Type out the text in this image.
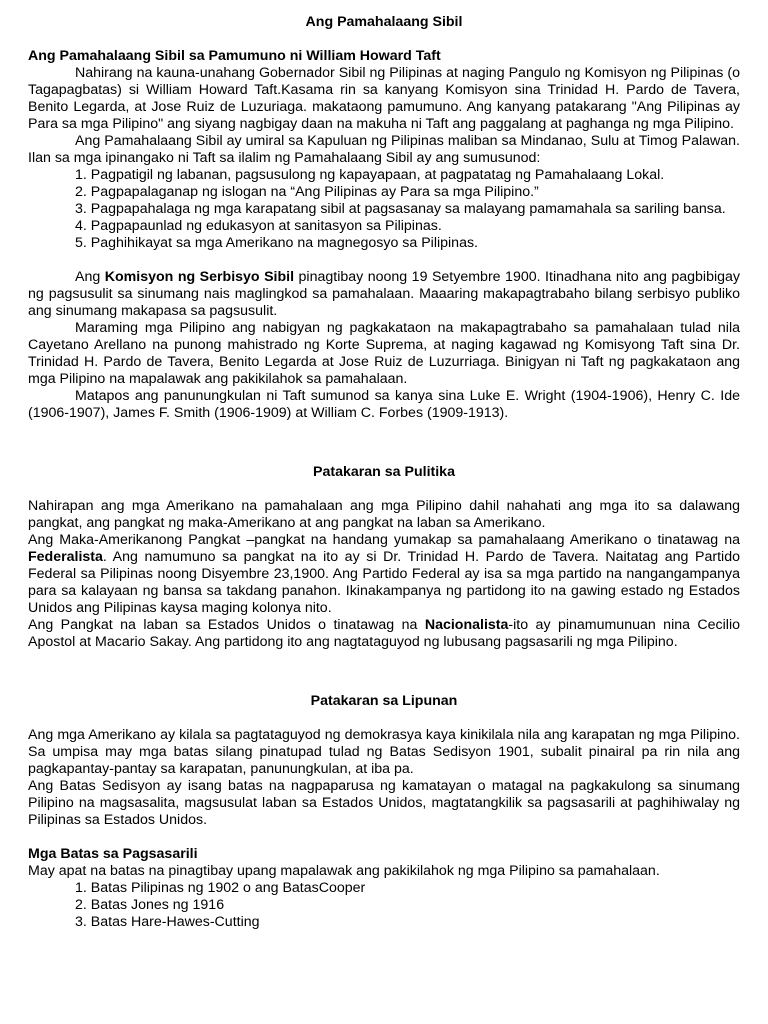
Ang Pamahalaang Sibil
Ang Pamahalaang Sibil sa Pamumuno ni William Howard Taft

Nahirang na kauna-unahang Gobernador Sibil ng Pilipinas at naging Pangulo ng Komisyon ng Pilipinas (o Tagapagbatas) si William Howard Taft.Kasama rin sa kanyang Komisyon sina Trinidad H. Pardo de Tavera, Benito Legarda, at Jose Ruiz de Luzuriaga. makataong pamumuno. Ang kanyang patakarang "Ang Pilipinas ay Para sa mga Pilipino" ang siyang nagbigay daan na makuha ni Taft ang paggalang at paghanga ng mga Pilipino.

Ang Pamahalaang Sibil ay umiral sa Kapuluan ng Pilipinas maliban sa Mindanao, Sulu at Timog Palawan. Ilan sa mga ipinangako ni Taft sa ilalim ng Pamahalaang Sibil ay ang sumusunod:

1. Pagpatigil ng labanan, pagsusulong ng kapayapaan, at pagpatatag ng Pamahalaang Lokal.
2. Pagpapalaganap ng islogan na “Ang Pilipinas ay Para sa mga Pilipino.”
3. Pagpapahalaga ng mga karapatang sibil at pagsasanay sa malayang pamamahala sa sariling bansa.
4. Pagpapaunlad ng edukasyon at sanitasyon sa Pilipinas.
5. Paghihikayat sa mga Amerikano na magnegosyo sa Pilipinas.

Ang Komisyon ng Serbisyo Sibil pinagtibay noong 19 Setyembre 1900. Itinadhana nito ang pagbibigay ng pagsusulit sa sinumang nais maglingkod sa pamahalaan. Maaaring makapagtrabaho bilang serbisyo publiko ang sinumang makapasa sa pagsusulit.

Maraming mga Pilipino ang nabigyan ng pagkakataon na makapagtrabaho sa pamahalaan tulad nila Cayetano Arellano na punong mahistrado ng Korte Suprema, at naging kagawad ng Komisyong Taft sina Dr. Trinidad H. Pardo de Tavera, Benito Legarda at Jose Ruiz de Luzurriaga. Binigyan ni Taft ng pagkakataon ang mga Pilipino na mapalawak ang pakikilahok sa pamahalaan.

Matapos ang panunungkulan ni Taft sumunod sa kanya sina Luke E. Wright (1904-1906), Henry C. Ide (1906-1907), James F. Smith (1906-1909) at William C. Forbes (1909-1913).

Patakaran sa Pulitika

Nahirapan ang mga Amerikano na pamahalaan ang mga Pilipino dahil nahahati ang mga ito sa dalawang pangkat, ang pangkat ng maka-Amerikano at ang pangkat na laban sa Amerikano.

Ang Maka-Amerikanong Pangkat –pangkat na handang yumakap sa pamahalaang Amerikano o tinatawag na Federalista. Ang namumuno sa pangkat na ito ay si Dr. Trinidad H. Pardo de Tavera. Naitatag ang Partido Federal sa Pilipinas noong Disyembre 23,1900. Ang Partido Federal ay isa sa mga partido na nangangampanya para sa kalayaan ng bansa sa takdang panahon. Ikinakampanya ng partidong ito na gawing estado ng Estados Unidos ang Pilipinas kaysa maging kolonya nito.

Ang Pangkat na laban sa Estados Unidos o tinatawag na Nacionalista-ito ay pinamumunuan nina Cecilio Apostol at Macario Sakay. Ang partidong ito ang nagtataguyod ng lubusang pagsasarili ng mga Pilipino.

Patakaran sa Lipunan

Ang mga Amerikano ay kilala sa pagtataguyod ng demokrasya kaya kinikilala nila ang karapatan ng mga Pilipino. Sa umpisa may mga batas silang pinatupad tulad ng Batas Sedisyon 1901, subalit pinairal pa rin nila ang pagkapantay-pantay sa karapatan, panunungkulan, at iba pa.

Ang Batas Sedisyon ay isang batas na nagpaparusa ng kamatayan o matagal na pagkakulong sa sinumang Pilipino na magsasalita, magsusulat laban sa Estados Unidos, magtatangkilik sa pagsasarili at paghihiwalay ng Pilipinas sa Estados Unidos.

Mga Batas sa Pagsasarili

May apat na batas na pinagtibay upang mapalawak ang pakikilahok ng mga Pilipino sa pamahalaan.

1. Batas Pilipinas ng 1902 o ang BatasCooper
2. Batas Jones ng 1916
3. Batas Hare-Hawes-Cutting
